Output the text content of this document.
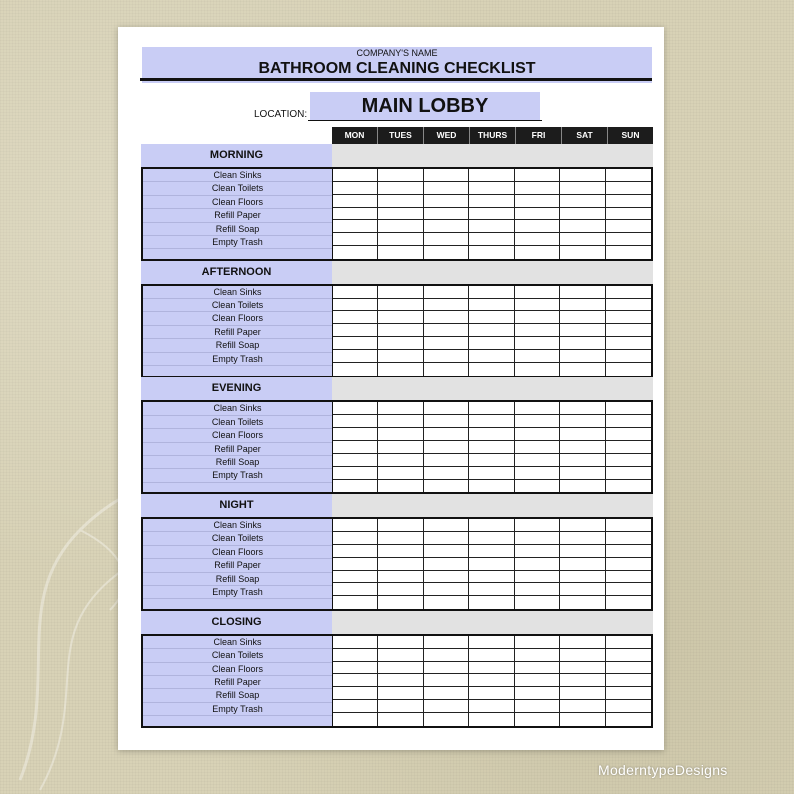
COMPANY'S NAME
BATHROOM CLEANING CHECKLIST
LOCATION:	MAIN LOBBY
MON	TUES	WED	THURS	FRI	SAT	SUN
MORNING
Clean Sinks
Clean Toilets
Clean Floors
Refill Paper
Refill Soap
Empty Trash
AFTERNOON
Clean Sinks
Clean Toilets
Clean Floors
Refill Paper
Refill Soap
Empty Trash
EVENING
Clean Sinks
Clean Toilets
Clean Floors
Refill Paper
Refill Soap
Empty Trash
NIGHT
Clean Sinks
Clean Toilets
Clean Floors
Refill Paper
Refill Soap
Empty Trash
CLOSING
Clean Sinks
Clean Toilets
Clean Floors
Refill Paper
Refill Soap
Empty Trash
ModerntypeDesigns
